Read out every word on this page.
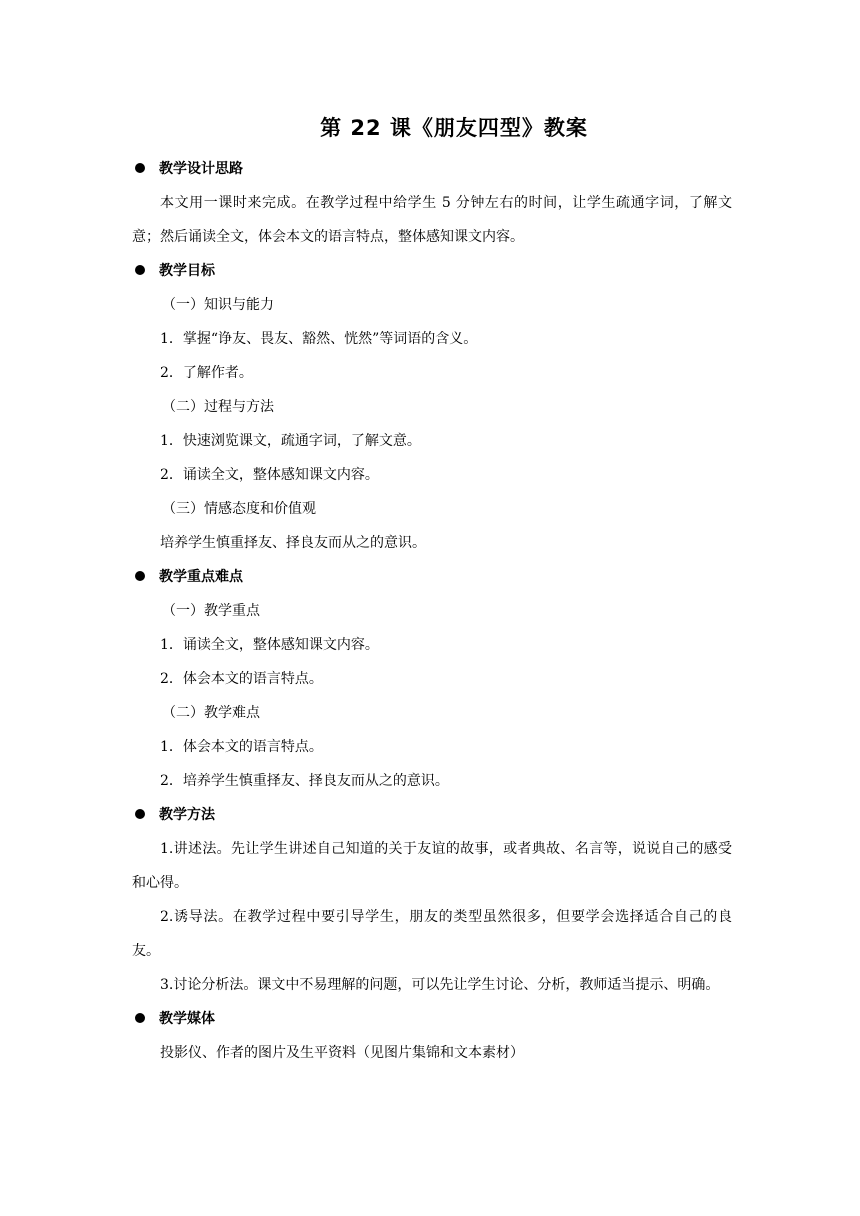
第 22 课《朋友四型》教案
教学设计思路
本文用一课时来完成。在教学过程中给学生 5 分钟左右的时间，让学生疏通字词，了解文意；然后诵读全文，体会本文的语言特点，整体感知课文内容。
教学目标
（一）知识与能力
1．掌握“诤友、畏友、豁然、恍然”等词语的含义。
2．了解作者。
（二）过程与方法
1．快速浏览课文，疏通字词，了解文意。
2．诵读全文，整体感知课文内容。
（三）情感态度和价值观
培养学生慎重择友、择良友而从之的意识。
教学重点难点
（一）教学重点
1．诵读全文，整体感知课文内容。
2．体会本文的语言特点。
（二）教学难点
1．体会本文的语言特点。
2．培养学生慎重择友、择良友而从之的意识。
教学方法
1.讲述法。先让学生讲述自己知道的关于友谊的故事，或者典故、名言等，说说自己的感受和心得。
2.诱导法。在教学过程中要引导学生，朋友的类型虽然很多，但要学会选择适合自己的良友。
3.讨论分析法。课文中不易理解的问题，可以先让学生讨论、分析，教师适当提示、明确。
教学媒体
投影仪、作者的图片及生平资料（见图片集锦和文本素材）
